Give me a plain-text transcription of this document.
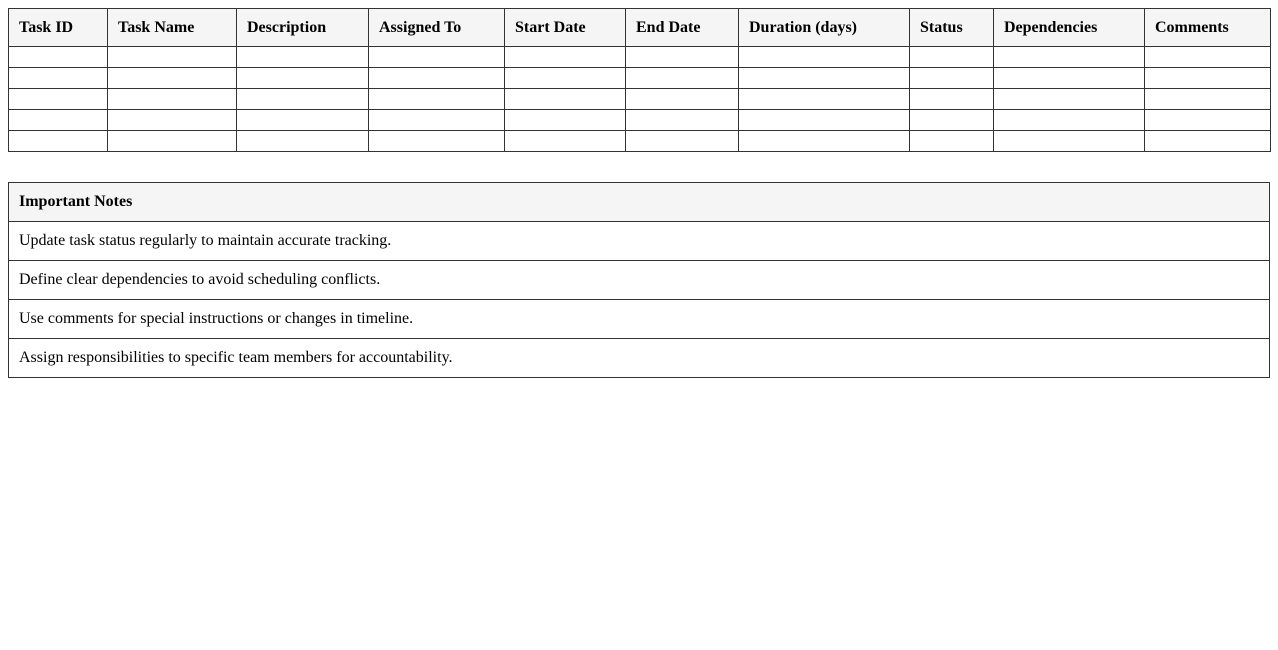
Task ID	Task Name	Description	Assigned To	Start Date	End Date	Duration (days)	Status	Dependencies	Comments

Important Notes
Update task status regularly to maintain accurate tracking.
Define clear dependencies to avoid scheduling conflicts.
Use comments for special instructions or changes in timeline.
Assign responsibilities to specific team members for accountability.
